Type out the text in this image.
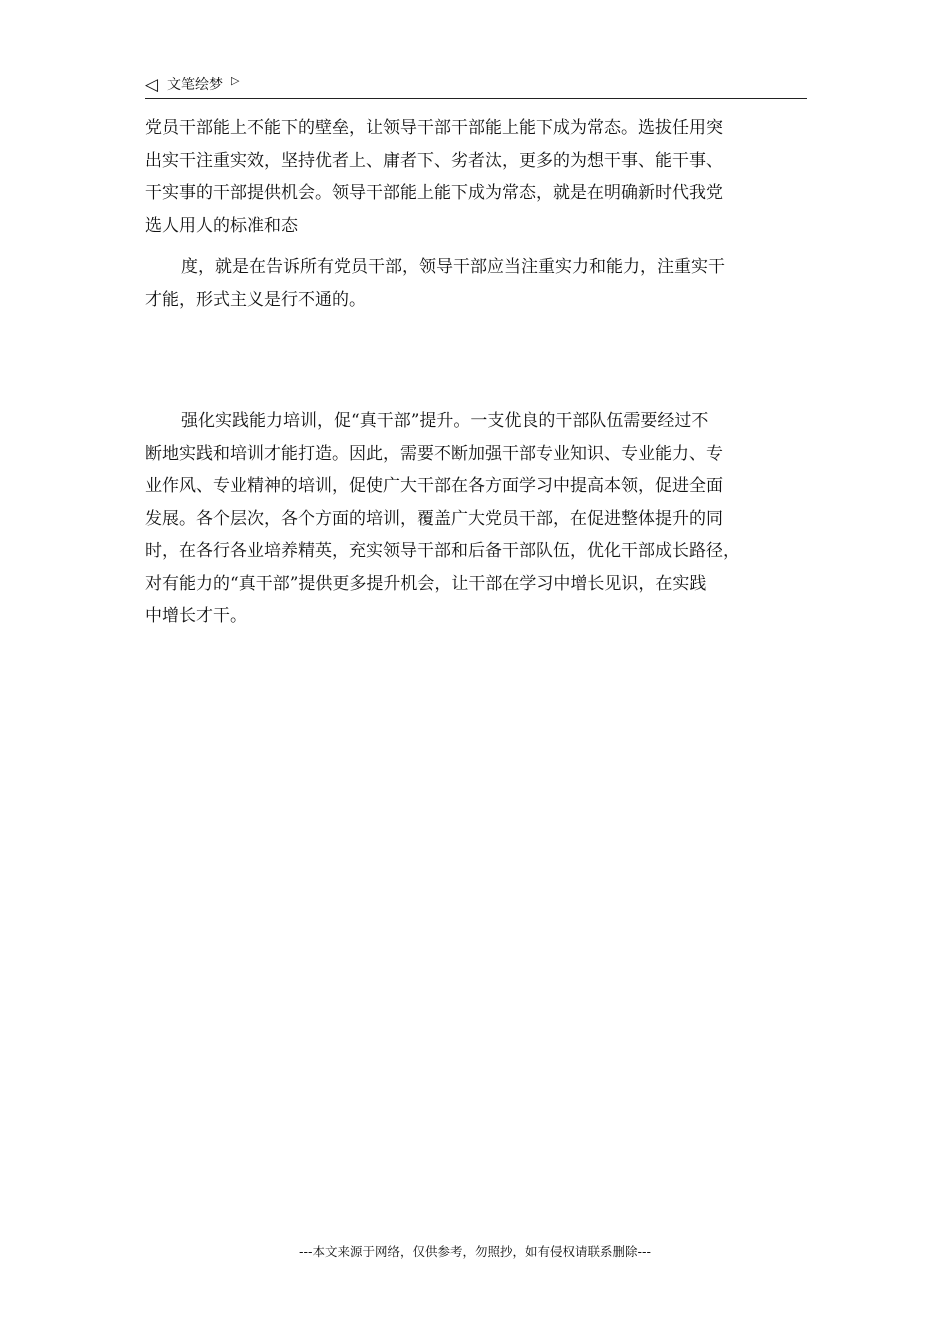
◁ 文笔绘梦 ▷
党员干部能上不能下的壁垒，让领导干部干部能上能下成为常态。选拔任用突
出实干注重实效，坚持优者上、庸者下、劣者汰，更多的为想干事、能干事、
干实事的干部提供机会。领导干部能上能下成为常态，就是在明确新时代我党
选人用人的标准和态
度，就是在告诉所有党员干部，领导干部应当注重实力和能力，注重实干
才能，形式主义是行不通的。
强化实践能力培训，促“真干部”提升。一支优良的干部队伍需要经过不
断地实践和培训才能打造。因此，需要不断加强干部专业知识、专业能力、专
业作风、专业精神的培训，促使广大干部在各方面学习中提高本领，促进全面
发展。各个层次，各个方面的培训，覆盖广大党员干部，在促进整体提升的同
时，在各行各业培养精英，充实领导干部和后备干部队伍，优化干部成长路径，
对有能力的“真干部”提供更多提升机会，让干部在学习中增长见识，在实践
中增长才干。
---本文来源于网络，仅供参考，勿照抄，如有侵权请联系删除---
